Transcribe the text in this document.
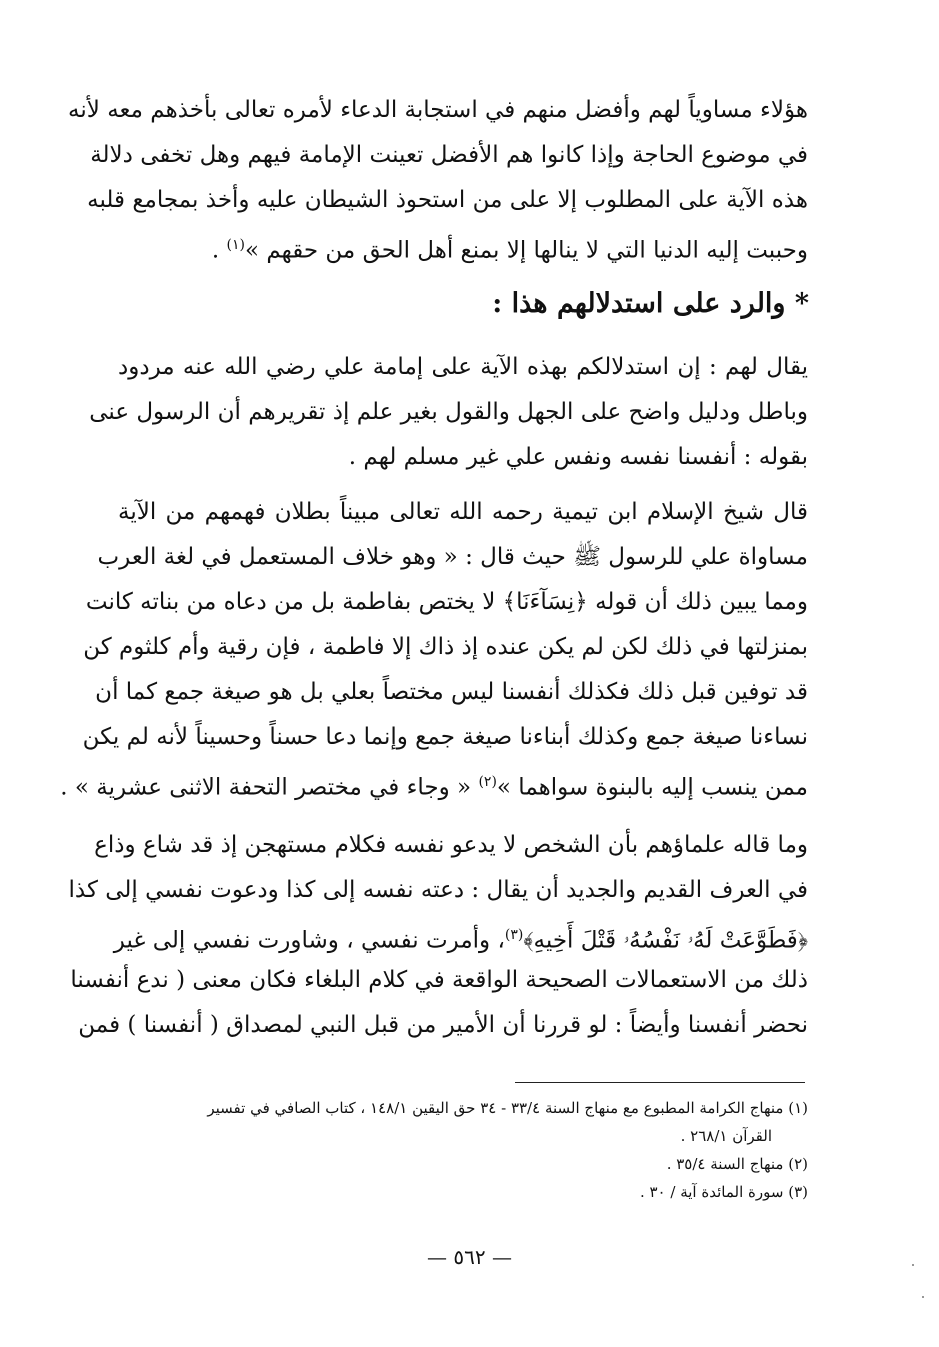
هؤلاء مساوياً لهم وأفضل منهم في استجابة الدعاء لأمره تعالى بأخذهم معه لأنه
في موضوع الحاجة وإذا كانوا هم الأفضل تعينت الإمامة فيهم وهل تخفى دلالة
هذه الآية على المطلوب إلا على من استحوذ الشيطان عليه وأخذ بمجامع قلبه
وحببت إليه الدنيا التي لا ينالها إلا بمنع أهل الحق من حقهم »$^{(١)}$ .
* والرد على استدلالهم هذا :
يقال لهم : إن استدلالكم بهذه الآية على إمامة علي رضي الله عنه مردود
وباطل ودليل واضح على الجهل والقول بغير علم إذ تقريرهم أن الرسول عنى
بقوله : أنفسنا نفسه ونفس علي غير مسلم لهم .
قال شيخ الإسلام ابن تيمية رحمه الله تعالى مبيناً بطلان فهمهم من الآية
مساواة علي للرسول ﷺ حيث قال : « وهو خلاف المستعمل في لغة العرب
ومما يبين ذلك أن قوله ﴿نِسَآءَنَا﴾ لا يختص بفاطمة بل من دعاه من بناته كانت
بمنزلتها في ذلك لكن لم يكن عنده إذ ذاك إلا فاطمة ، فإن رقية وأم كلثوم كن
قد توفين قبل ذلك فكذلك أنفسنا ليس مختصاً بعلي بل هو صيغة جمع كما أن
نساءنا صيغة جمع وكذلك أبناءنا صيغة جمع وإنما دعا حسناً وحسيناً لأنه لم يكن
ممن ينسب إليه بالبنوة سواهما »$^{(٢)}$ « وجاء في مختصر التحفة الاثنى عشرية » .
وما قاله علماؤهم بأن الشخص لا يدعو نفسه فكلام مستهجن إذ قد شاع وذاع
في العرف القديم والجديد أن يقال : دعته نفسه إلى كذا ودعوت نفسي إلى كذا
﴿فَطَوَّعَتْ لَهُۥ نَفْسُهُۥ قَتْلَ أَخِيهِ﴾$^{(٣)}$، وأمرت نفسي ، وشاورت نفسي إلى غير
ذلك من الاستعمالات الصحيحة الواقعة في كلام البلغاء فكان معنى ( ندع أنفسنا
نحضر أنفسنا وأيضاً : لو قررنا أن الأمير من قبل النبي لمصداق ( أنفسنا ) فمن
(١) منهاج الكرامة المطبوع مع منهاج السنة ٣٣/٤ - ٣٤ حق اليقين ١٤٨/١ ، كتاب الصافي في تفسير
القرآن ٢٦٨/١ .
(٢) منهاج السنة ٣٥/٤ .
(٣) سورة المائدة آية / ٣٠ .
— ٥٦٢ —
